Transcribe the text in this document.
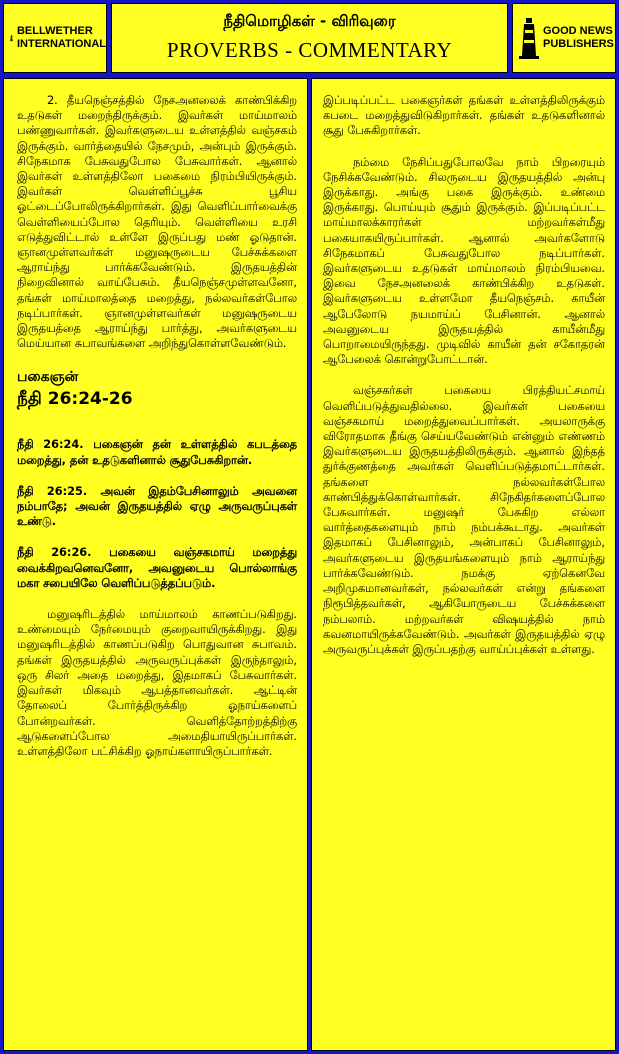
BELLWETHER
INTERNATIONAL
நீதிமொழிகள் - விரிவுரை
PROVERBS - COMMENTARY
GOOD NEWS
PUBLISHERS

2. தீயநெஞ்சத்தில் நேசஅனலைக் காண்பிக்கிற உதடுகள் மறைந்திருக்கும். இவர்கள் மாய்மாலம் பண்ணுவார்கள். இவர்களுடைய உள்ளத்தில் வஞ்சகம் இருக்கும். வார்த்தையில் நேசமும், அன்பும் இருக்கும். சிநேகமாக பேசுவதுபோல பேசுவார்கள். ஆனால் இவர்கள் உள்ளத்திலோ பகைமை நிரம்பியிருக்கும். இவர்கள் வெள்ளிப்பூச்சு பூசிய ஓட்டைப்போலிருக்கிறார்கள். இது வெளிப்பார்வைக்கு வெள்ளியைப்போல தெரியும். வெள்ளியை உரசி எடுத்துவிட்டால் உள்ளே இருப்பது மண் ஓடுதான். ஞானமுள்ளவர்கள் மனுஷருடைய பேச்சுக்களை ஆராய்ந்து பார்க்கவேண்டும். இருதயத்தின் நிறைவினால் வாய்பேசும். தீயநெஞ்சமுள்ளவனோ, தங்கள் மாய்மாலத்தை மறைத்து, நல்லவர்கள்போல நடிப்பார்கள். ஞானமுள்ளவர்கள் மனுஷருடைய இருதயத்தை ஆராய்ந்து பார்த்து, அவர்களுடைய மெய்யான சுபாவங்களை அறிந்துகொள்ளவேண்டும்.

பகைஞன்
நீதி 26:24-26

நீதி 26:24. பகைஞன் தன் உள்ளத்தில் கபடத்தை மறைத்து, தன் உதடுகளினால் சூதுபேசுகிறான்.

நீதி 26:25. அவன் இதம்பேசினாலும் அவனை நம்பாதே; அவன் இருதயத்தில் ஏழு அருவருப்புகள் உண்டு.

நீதி 26:26. பகையை வஞ்சகமாய் மறைத்து வைக்கிறவனெவனோ, அவனுடைய பொல்லாங்கு மகா சபையிலே வெளிப்படுத்தப்படும்.

மனுஷரிடத்தில் மாய்மாலம் காணப்படுகிறது. உண்மையும் நேர்மையும் குறைவாயிருக்கிறது. இது மனுஷரிடத்தில் காணப்படுகிற பொதுவான சுபாவம். தங்கள் இருதயத்தில் அருவருப்புக்கள் இருந்தாலும், ஒரு சிலர் அதை மறைத்து, இதமாகப் பேசுவார்கள். இவர்கள் மிகவும் ஆபத்தானவர்கள். ஆட்டின் தோலைப் போர்த்திருக்கிற ஓநாய்களைப் போன்றவர்கள். வெளித்தோற்றத்திற்கு ஆடுகளைப்போல அமைதியாயிருப்பார்கள். உள்ளத்திலோ பட்சிக்கிற ஓநாய்களாயிருப்பார்கள்.

இப்படிப்பட்ட பகைஞர்கள் தங்கள் உள்ளத்திலிருக்கும் கபடை மறைத்துவிடுகிறார்கள். தங்கள் உதடுகளினால் சூது பேசுகிறார்கள்.

நம்மை நேசிப்பதுபோலவே நாம் பிறரையும் நேசிக்கவேண்டும். சிலருடைய இருதயத்தில் அன்பு இருக்காது. அங்கு பகை இருக்கும். உண்மை இருக்காது. பொய்யும் சூதும் இருக்கும். இப்படிப்பட்ட மாய்மாலக்காரர்கள் மற்றவர்கள்மீது பகையாகயிருப்பார்கள். ஆனால் அவர்களோடு சிநேகமாகப் பேசுவதுபோல நடிப்பார்கள். இவர்களுடைய உதடுகள் மாய்மாலம் நிரம்பியவை. இவை நேசஅனலைக் காண்பிக்கிற உதடுகள். இவர்களுடைய உள்ளமோ தீயநெஞ்சம். காயீன் ஆபேலோடு நயமாய்ப் பேசினான். ஆனால் அவனுடைய இருதயத்தில் காயீன்மீது பொறாமையிருந்தது. முடிவில் காயீன் தன் சகோதரன் ஆபேலைக் கொன்றுபோட்டான்.

வஞ்சகர்கள் பகையை பிரத்தியட்சமாய் வெளிப்படுத்துவதில்லை. இவர்கள் பகையை வஞ்சகமாய் மறைத்துவைப்பார்கள். அயலாருக்கு விரோதமாக தீங்கு செய்யவேண்டும் என்னும் எண்ணம் இவர்களுடைய இருதயத்திலிருக்கும். ஆனால் இந்தத் துர்க்குணத்தை அவர்கள் வெளிப்படுத்தமாட்டார்கள். தங்களை நல்லவர்கள்போல காண்பித்துக்கொள்வார்கள். சிநேகிதர்களைப்போல பேசுவார்கள். மனுஷர் பேசுகிற எல்லா வார்த்தைகளையும் நாம் நம்பக்கூடாது. அவர்கள் இதமாகப் பேசினாலும், அன்பாகப் பேசினாலும், அவர்களுடைய இருதயங்களையும் நாம் ஆராய்ந்து பார்க்கவேண்டும். நமக்கு ஏற்கெனவே அறிமுகமானவர்கள், நல்லவர்கள் என்று தங்களை நிரூபித்தவர்கள், ஆகியோருடைய பேச்சுக்களை நம்பலாம். மற்றவர்கள் விஷயத்தில் நாம் கவனமாயிருக்கவேண்டும். அவர்கள் இருதயத்தில் ஏழு அருவருப்புக்கள் இருப்பதற்கு வாய்ப்புக்கள் உள்ளது.
